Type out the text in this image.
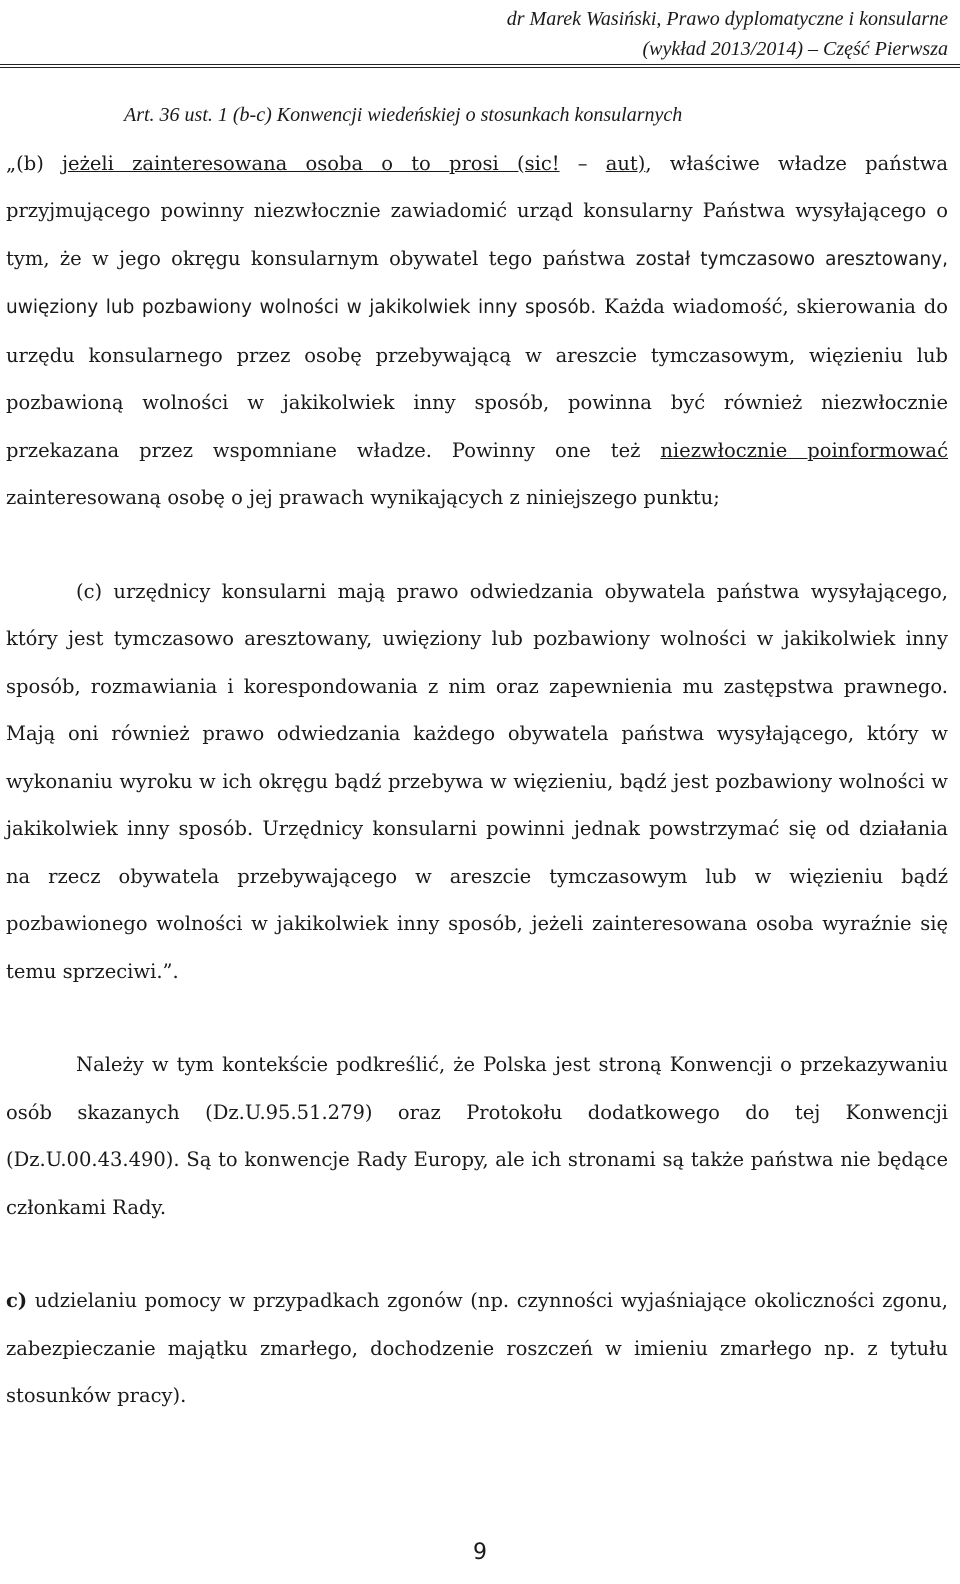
dr Marek Wasiński, Prawo dyplomatyczne i konsularne
(wykład 2013/2014) – Część Pierwsza

Art. 36 ust. 1 (b-c) Konwencji wiedeńskiej o stosunkach konsularnych

„(b) jeżeli zainteresowana osoba o to prosi (sic! – aut), właściwe władze państwa przyjmującego powinny niezwłocznie zawiadomić urząd konsularny Państwa wysyłającego o tym, że w jego okręgu konsularnym obywatel tego państwa został tymczasowo aresztowany, uwięziony lub pozbawiony wolności w jakikolwiek inny sposób. Każda wiadomość, skierowania do urzędu konsularnego przez osobę przebywającą w areszcie tymczasowym, więzieniu lub pozbawioną wolności w jakikolwiek inny sposób, powinna być również niezwłocznie przekazana przez wspomniane władze. Powinny one też niezwłocznie poinformować zainteresowaną osobę o jej prawach wynikających z niniejszego punktu;

(c) urzędnicy konsularni mają prawo odwiedzania obywatela państwa wysyłającego, który jest tymczasowo aresztowany, uwięziony lub pozbawiony wolności w jakikolwiek inny sposób, rozmawiania i korespondowania z nim oraz zapewnienia mu zastępstwa prawnego. Mają oni również prawo odwiedzania każdego obywatela państwa wysyłającego, który w wykonaniu wyroku w ich okręgu bądź przebywa w więzieniu, bądź jest pozbawiony wolności w jakikolwiek inny sposób. Urzędnicy konsularni powinni jednak powstrzymać się od działania na rzecz obywatela przebywającego w areszcie tymczasowym lub w więzieniu bądź pozbawionego wolności w jakikolwiek inny sposób, jeżeli zainteresowana osoba wyraźnie się temu sprzeciwi.”.

Należy w tym kontekście podkreślić, że Polska jest stroną Konwencji o przekazywaniu osób skazanych (Dz.U.95.51.279) oraz Protokołu dodatkowego do tej Konwencji (Dz.U.00.43.490). Są to konwencje Rady Europy, ale ich stronami są także państwa nie będące członkami Rady.

c) udzielaniu pomocy w przypadkach zgonów (np. czynności wyjaśniające okoliczności zgonu, zabezpieczanie majątku zmarłego, dochodzenie roszczeń w imieniu zmarłego np. z tytułu stosunków pracy).

9
